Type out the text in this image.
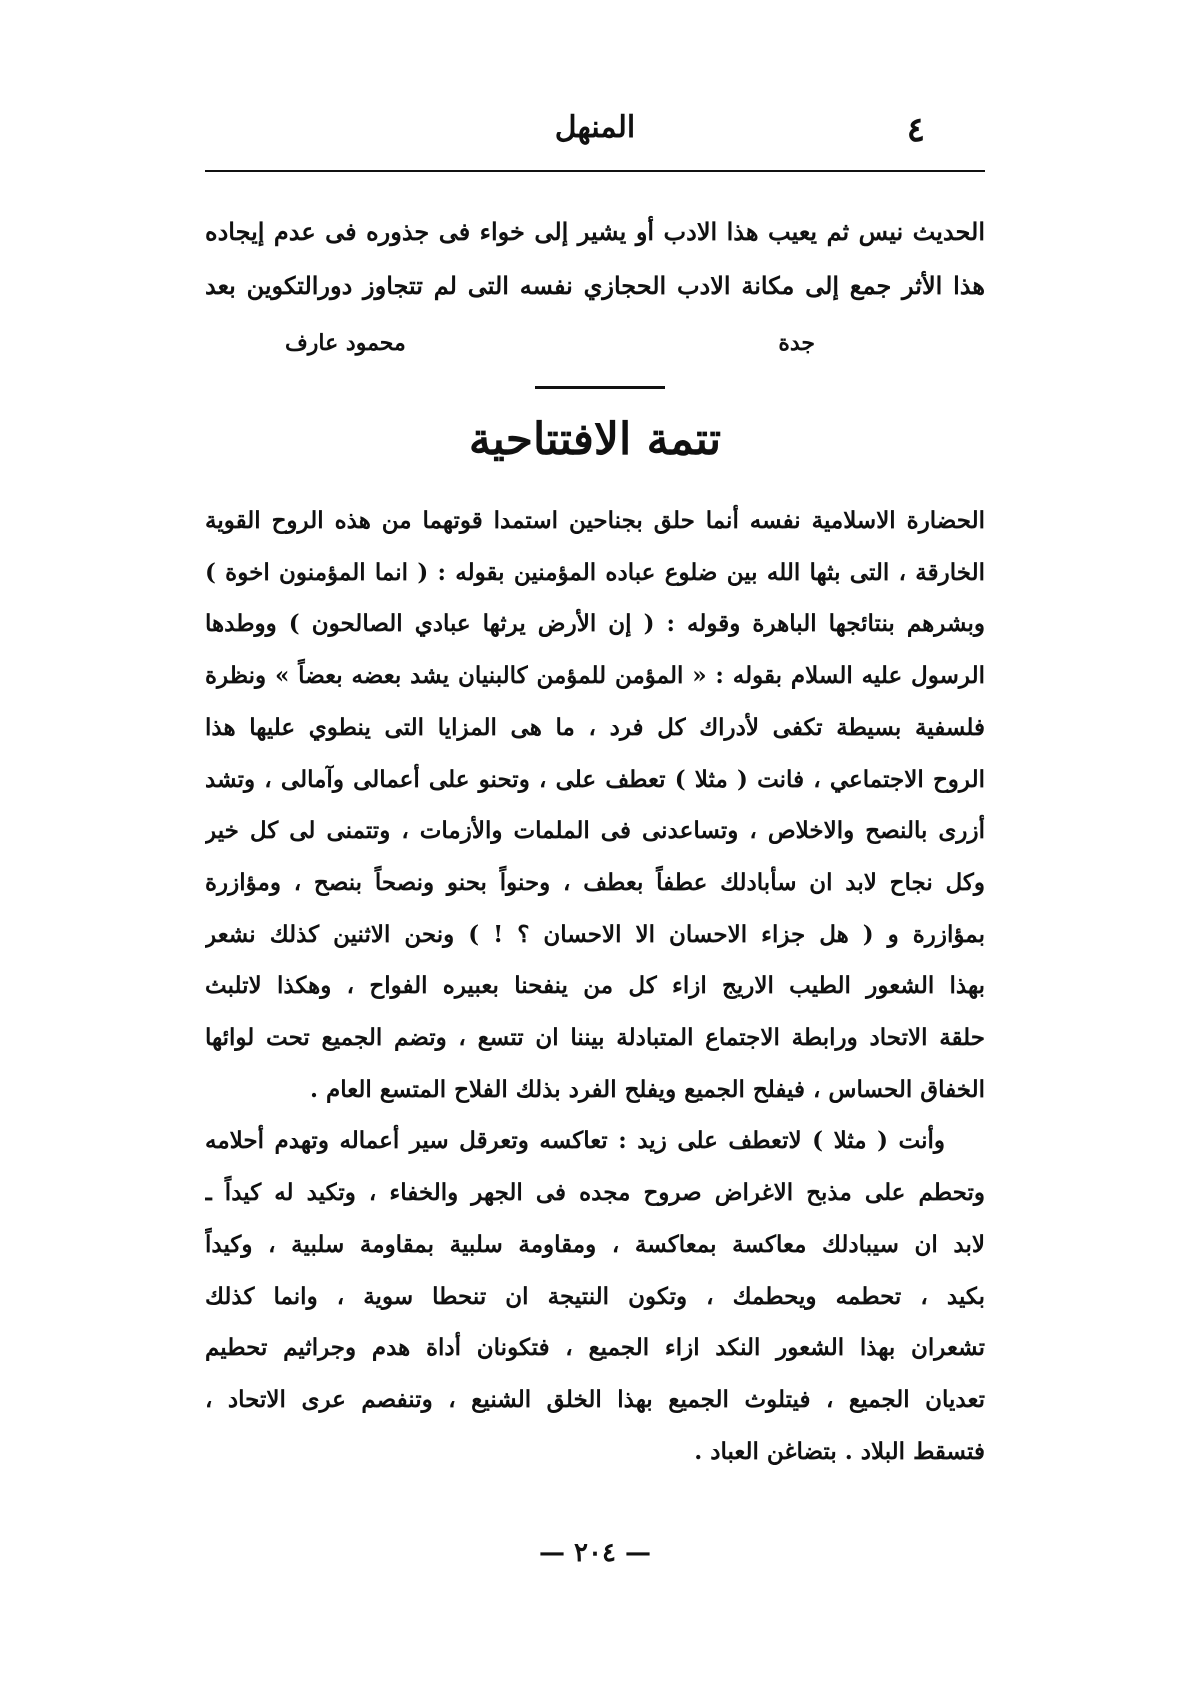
٤
المنهل
الحديث نيس ثم يعيب هذا الادب أو يشير إلى خواء فى جذوره فى عدم إيجاده
هذا الأثر جمع إلى مكانة الادب الحجازي نفسه التى لم تتجاوز دورالتكوين بعد
جدة
محمود عارف
تتمة الافتتاحية
الحضارة الاسلامية نفسه أنما حلق بجناحين استمدا قوتهما من هذه الروح القوية
الخارقة ، التى بثها الله بين ضلوع عباده المؤمنين بقوله : ( انما المؤمنون اخوة )
وبشرهم بنتائجها الباهرة وقوله : ( إن الأرض يرثها عبادي الصالحون ) ووطدها
الرسول عليه السلام بقوله : « المؤمن للمؤمن كالبنيان يشد بعضه بعضاً » ونظرة
فلسفية بسيطة تكفى لأدراك كل فرد ، ما هى المزايا التى ينطوي عليها هذا
الروح الاجتماعي ، فانت ( مثلا ) تعطف على ، وتحنو على أعمالى وآمالى ، وتشد
أزرى بالنصح والاخلاص ، وتساعدنى فى الملمات والأزمات ، وتتمنى لى كل خير
وكل نجاح لابد ان سأبادلك عطفاً بعطف ، وحنواً بحنو ونصحاً بنصح ، ومؤازرة
بمؤازرة و ( هل جزاء الاحسان الا الاحسان ؟ ! ) ونحن الاثنين كذلك نشعر
بهذا الشعور الطيب الاريج ازاء كل من ينفحنا بعبيره الفواح ، وهكذا لاتلبث
حلقة الاتحاد ورابطة الاجتماع المتبادلة بيننا ان تتسع ، وتضم الجميع تحت لوائها
الخفاق الحساس ، فيفلح الجميع ويفلح الفرد بذلك الفلاح المتسع العام .
وأنت ( مثلا ) لاتعطف على زيد : تعاكسه وتعرقل سير أعماله وتهدم أحلامه
وتحطم على مذبح الاغراض صروح مجده فى الجهر والخفاء ، وتكيد له كيداً ـ
لابد ان سيبادلك معاكسة بمعاكسة ، ومقاومة سلبية بمقاومة سلبية ، وكيداً
بكيد ، تحطمه ويحطمك ، وتكون النتيجة ان تنحطا سوية ، وانما كذلك
تشعران بهذا الشعور النكد ازاء الجميع ، فتكونان أداة هدم وجراثيم تحطيم
تعديان الجميع ، فيتلوث الجميع بهذا الخلق الشنيع ، وتنفصم عرى الاتحاد ،
فتسقط البلاد . بتضاغن العباد .
— ٢٠٤ —
